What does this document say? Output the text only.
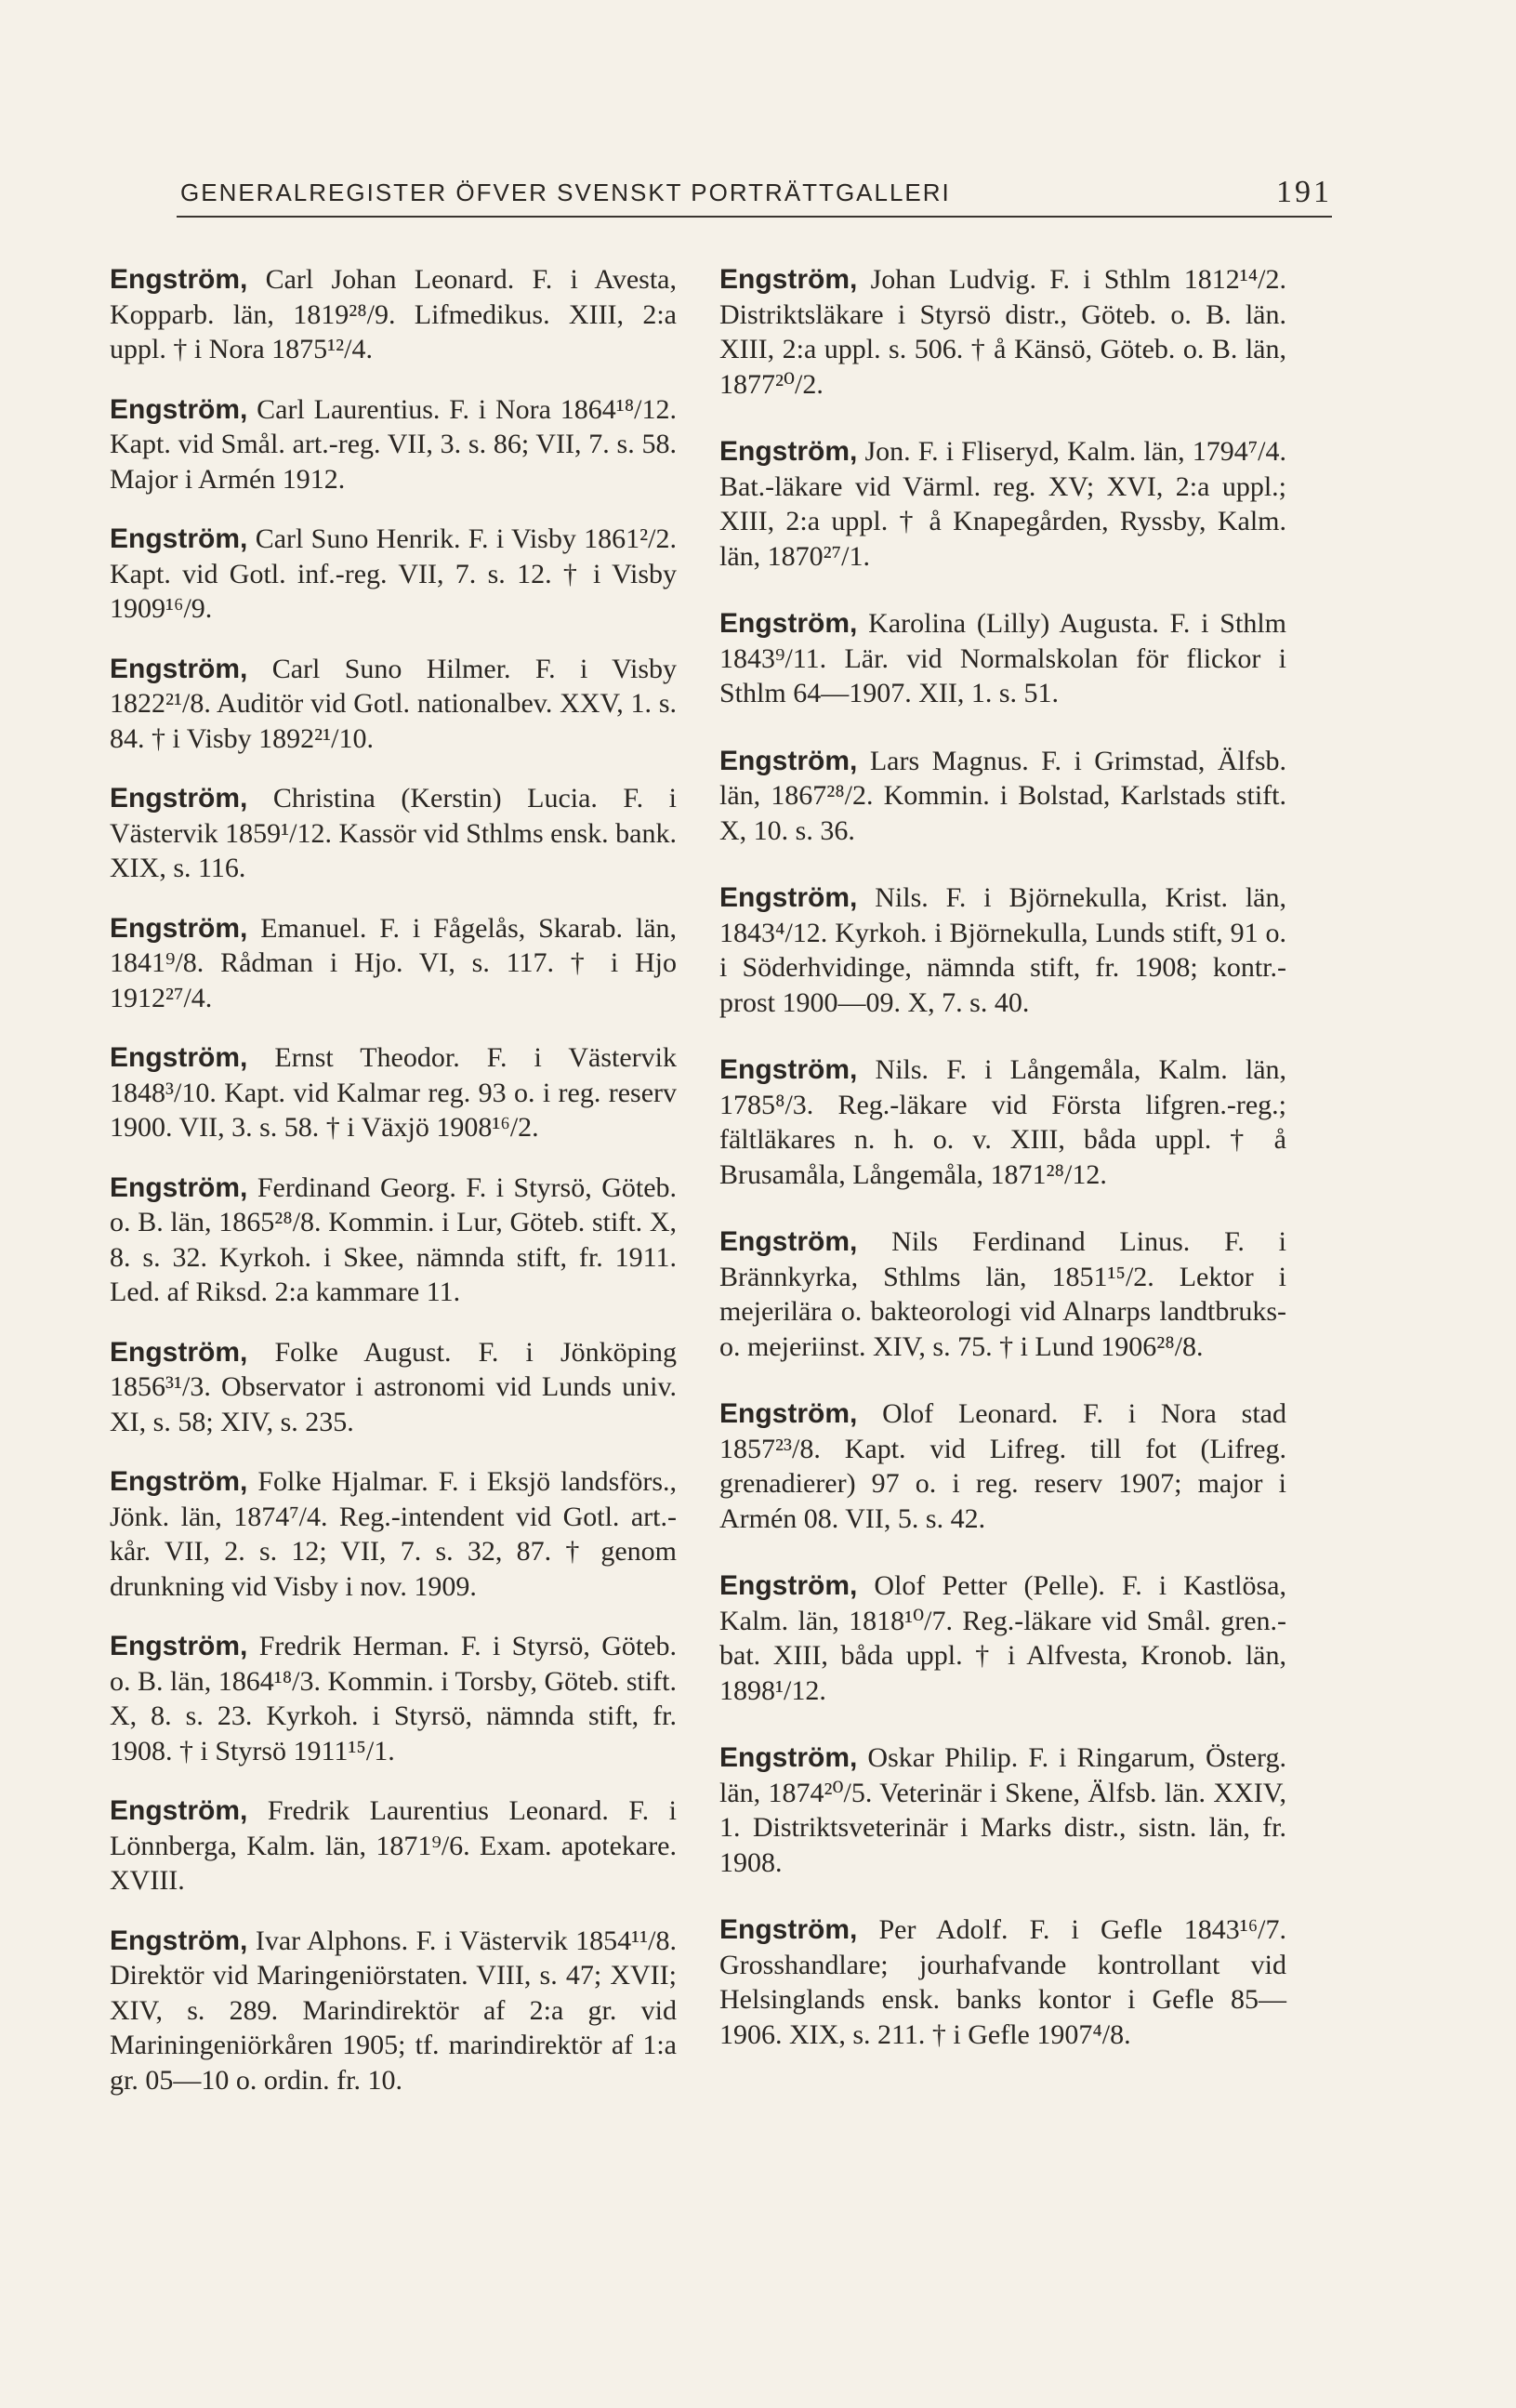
GENERALREGISTER ÖFVER SVENSKT PORTRÄTTGALLERI	191

Engström, Carl Johan Leonard. F. i Avesta, Kopparb. län, 1819²⁸/9. Lifmedikus. XIII, 2:a uppl. † i Nora 1875¹²/4.

Engström, Carl Laurentius. F. i Nora 1864¹⁸/12. Kapt. vid Smål. art.-reg. VII, 3. s. 86; VII, 7. s. 58. Major i Armén 1912.

Engström, Carl Suno Henrik. F. i Visby 1861²/2. Kapt. vid Gotl. inf.-reg. VII, 7. s. 12. † i Visby 1909¹⁶/9.

Engström, Carl Suno Hilmer. F. i Visby 1822²¹/8. Auditör vid Gotl. nationalbev. XXV, 1. s. 84. † i Visby 1892²¹/10.

Engström, Christina (Kerstin) Lucia. F. i Västervik 1859¹/12. Kassör vid Sthlms ensk. bank. XIX, s. 116.

Engström, Emanuel. F. i Fågelås, Skarab. län, 1841⁹/8. Rådman i Hjo. VI, s. 117. † i Hjo 1912²⁷/4.

Engström, Ernst Theodor. F. i Västervik 1848³/10. Kapt. vid Kalmar reg. 93 o. i reg. reserv 1900. VII, 3. s. 58. † i Växjö 1908¹⁶/2.

Engström, Ferdinand Georg. F. i Styrsö, Göteb. o. B. län, 1865²⁸/8. Kommin. i Lur, Göteb. stift. X, 8. s. 32. Kyrkoh. i Skee, nämnda stift, fr. 1911. Led. af Riksd. 2:a kammare 11.

Engström, Folke August. F. i Jönköping 1856³¹/3. Observator i astronomi vid Lunds univ. XI, s. 58; XIV, s. 235.

Engström, Folke Hjalmar. F. i Eksjö landsförs., Jönk. län, 1874⁷/4. Reg.-intendent vid Gotl. art.-kår. VII, 2. s. 12; VII, 7. s. 32, 87. † genom drunkning vid Visby i nov. 1909.

Engström, Fredrik Herman. F. i Styrsö, Göteb. o. B. län, 1864¹⁸/3. Kommin. i Torsby, Göteb. stift. X, 8. s. 23. Kyrkoh. i Styrsö, nämnda stift, fr. 1908. † i Styrsö 1911¹⁵/1.

Engström, Fredrik Laurentius Leonard. F. i Lönnberga, Kalm. län, 1871⁹/6. Exam. apotekare. XVIII.

Engström, Ivar Alphons. F. i Västervik 1854¹¹/8. Direktör vid Maringeniörstaten. VIII, s. 47; XVII; XIV, s. 289. Marindirektör af 2:a gr. vid Mariningeniörkåren 1905; tf. marindirektör af 1:a gr. 05—10 o. ordin. fr. 10.

Engström, Johan Ludvig. F. i Sthlm 1812¹⁴/2. Distriktsläkare i Styrsö distr., Göteb. o. B. län. XIII, 2:a uppl. s. 506. † å Känsö, Göteb. o. B. län, 1877²⁰/2.

Engström, Jon. F. i Fliseryd, Kalm. län, 1794⁷/4. Bat.-läkare vid Värml. reg. XV; XVI, 2:a uppl.; XIII, 2:a uppl. † å Knapegården, Ryssby, Kalm. län, 1870²⁷/1.

Engström, Karolina (Lilly) Augusta. F. i Sthlm 1843⁹/11. Lär. vid Normalskolan för flickor i Sthlm 64—1907. XII, 1. s. 51.

Engström, Lars Magnus. F. i Grimstad, Älfsb. län, 1867²⁸/2. Kommin. i Bolstad, Karlstads stift. X, 10. s. 36.

Engström, Nils. F. i Björnekulla, Krist. län, 1843⁴/12. Kyrkoh. i Björnekulla, Lunds stift, 91 o. i Söderhvidinge, nämnda stift, fr. 1908; kontr.-prost 1900—09. X, 7. s. 40.

Engström, Nils. F. i Långemåla, Kalm. län, 1785⁸/3. Reg.-läkare vid Första lifgren.-reg.; fältläkares n. h. o. v. XIII, båda uppl. † å Brusamåla, Långemåla, 1871²⁸/12.

Engström, Nils Ferdinand Linus. F. i Brännkyrka, Sthlms län, 1851¹⁵/2. Lektor i mejerilära o. bakteorologi vid Alnarps landtbruks- o. mejeriinst. XIV, s. 75. † i Lund 1906²⁸/8.

Engström, Olof Leonard. F. i Nora stad 1857²³/8. Kapt. vid Lifreg. till fot (Lifreg. grenadierer) 97 o. i reg. reserv 1907; major i Armén 08. VII, 5. s. 42.

Engström, Olof Petter (Pelle). F. i Kastlösa, Kalm. län, 1818¹⁰/7. Reg.-läkare vid Smål. gren.-bat. XIII, båda uppl. † i Alfvesta, Kronob. län, 1898¹/12.

Engström, Oskar Philip. F. i Ringarum, Österg. län, 1874²⁰/5. Veterinär i Skene, Älfsb. län. XXIV, 1. Distriktsveterinär i Marks distr., sistn. län, fr. 1908.

Engström, Per Adolf. F. i Gefle 1843¹⁶/7. Grosshandlare; jourhafvande kontrollant vid Helsinglands ensk. banks kontor i Gefle 85—1906. XIX, s. 211. † i Gefle 1907⁴/8.
